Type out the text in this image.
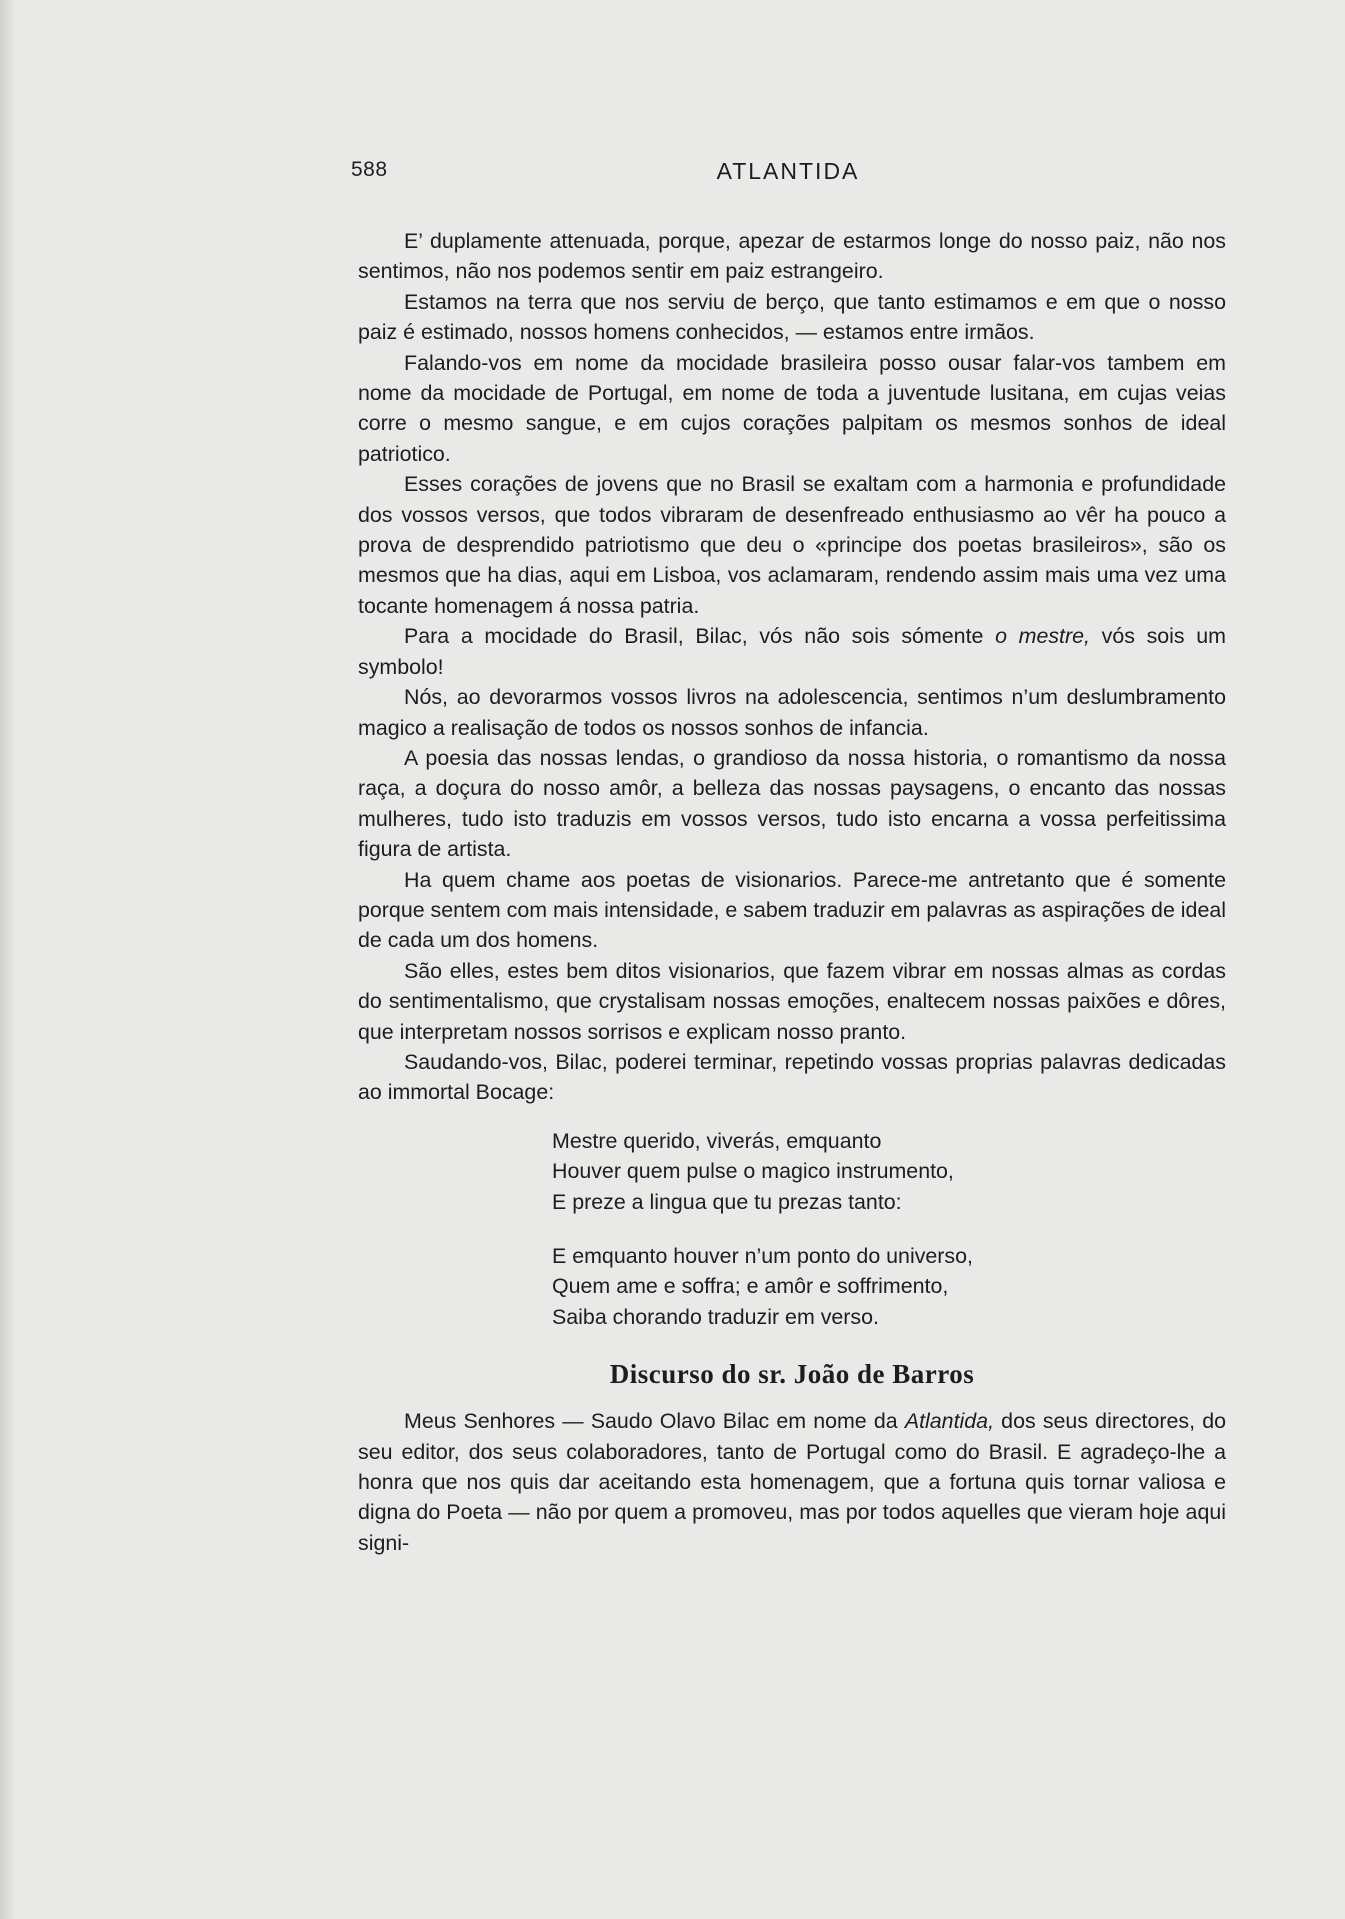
588	ATLANTIDA

E’ duplamente attenuada, porque, apezar de estarmos longe do nosso paiz, não nos sentimos, não nos podemos sentir em paiz estrangeiro.

Estamos na terra que nos serviu de berço, que tanto estimamos e em que o nosso paiz é estimado, nossos homens conhecidos, — estamos entre irmãos.

Falando-vos em nome da mocidade brasileira posso ousar falar-vos tambem em nome da mocidade de Portugal, em nome de toda a juventude lusitana, em cujas veias corre o mesmo sangue, e em cujos corações palpitam os mesmos sonhos de ideal patriotico.

Esses corações de jovens que no Brasil se exaltam com a harmonia e profundidade dos vossos versos, que todos vibraram de desenfreado enthusiasmo ao vêr ha pouco a prova de desprendido patriotismo que deu o «principe dos poetas brasileiros», são os mesmos que ha dias, aqui em Lisboa, vos aclamaram, rendendo assim mais uma vez uma tocante homenagem á nossa patria.

Para a mocidade do Brasil, Bilac, vós não sois sómente o mestre, vós sois um symbolo!

Nós, ao devorarmos vossos livros na adolescencia, sentimos n’um deslumbramento magico a realisação de todos os nossos sonhos de infancia.

A poesia das nossas lendas, o grandioso da nossa historia, o romantismo da nossa raça, a doçura do nosso amôr, a belleza das nossas paysagens, o encanto das nossas mulheres, tudo isto traduzis em vossos versos, tudo isto encarna a vossa perfeitissima figura de artista.

Ha quem chame aos poetas de visionarios. Parece-me antretanto que é somente porque sentem com mais intensidade, e sabem traduzir em palavras as aspirações de ideal de cada um dos homens.

São elles, estes bem ditos visionarios, que fazem vibrar em nossas almas as cordas do sentimentalismo, que crystalisam nossas emoções, enaltecem nossas paixões e dôres, que interpretam nossos sorrisos e explicam nosso pranto.

Saudando-vos, Bilac, poderei terminar, repetindo vossas proprias palavras dedicadas ao immortal Bocage:

Mestre querido, viverás, emquanto
Houver quem pulse o magico instrumento,
E preze a lingua que tu prezas tanto:
E emquanto houver n’um ponto do universo,
Quem ame e soffra; e amôr e soffrimento,
Saiba chorando traduzir em verso.
Discurso do sr. João de Barros

Meus Senhores — Saudo Olavo Bilac em nome da Atlantida, dos seus directores, do seu editor, dos seus colaboradores, tanto de Portugal como do Brasil. E agradeço-lhe a honra que nos quis dar aceitando esta homenagem, que a fortuna quis tornar valiosa e digna do Poeta — não por quem a promoveu, mas por todos aquelles que vieram hoje aqui signi-
